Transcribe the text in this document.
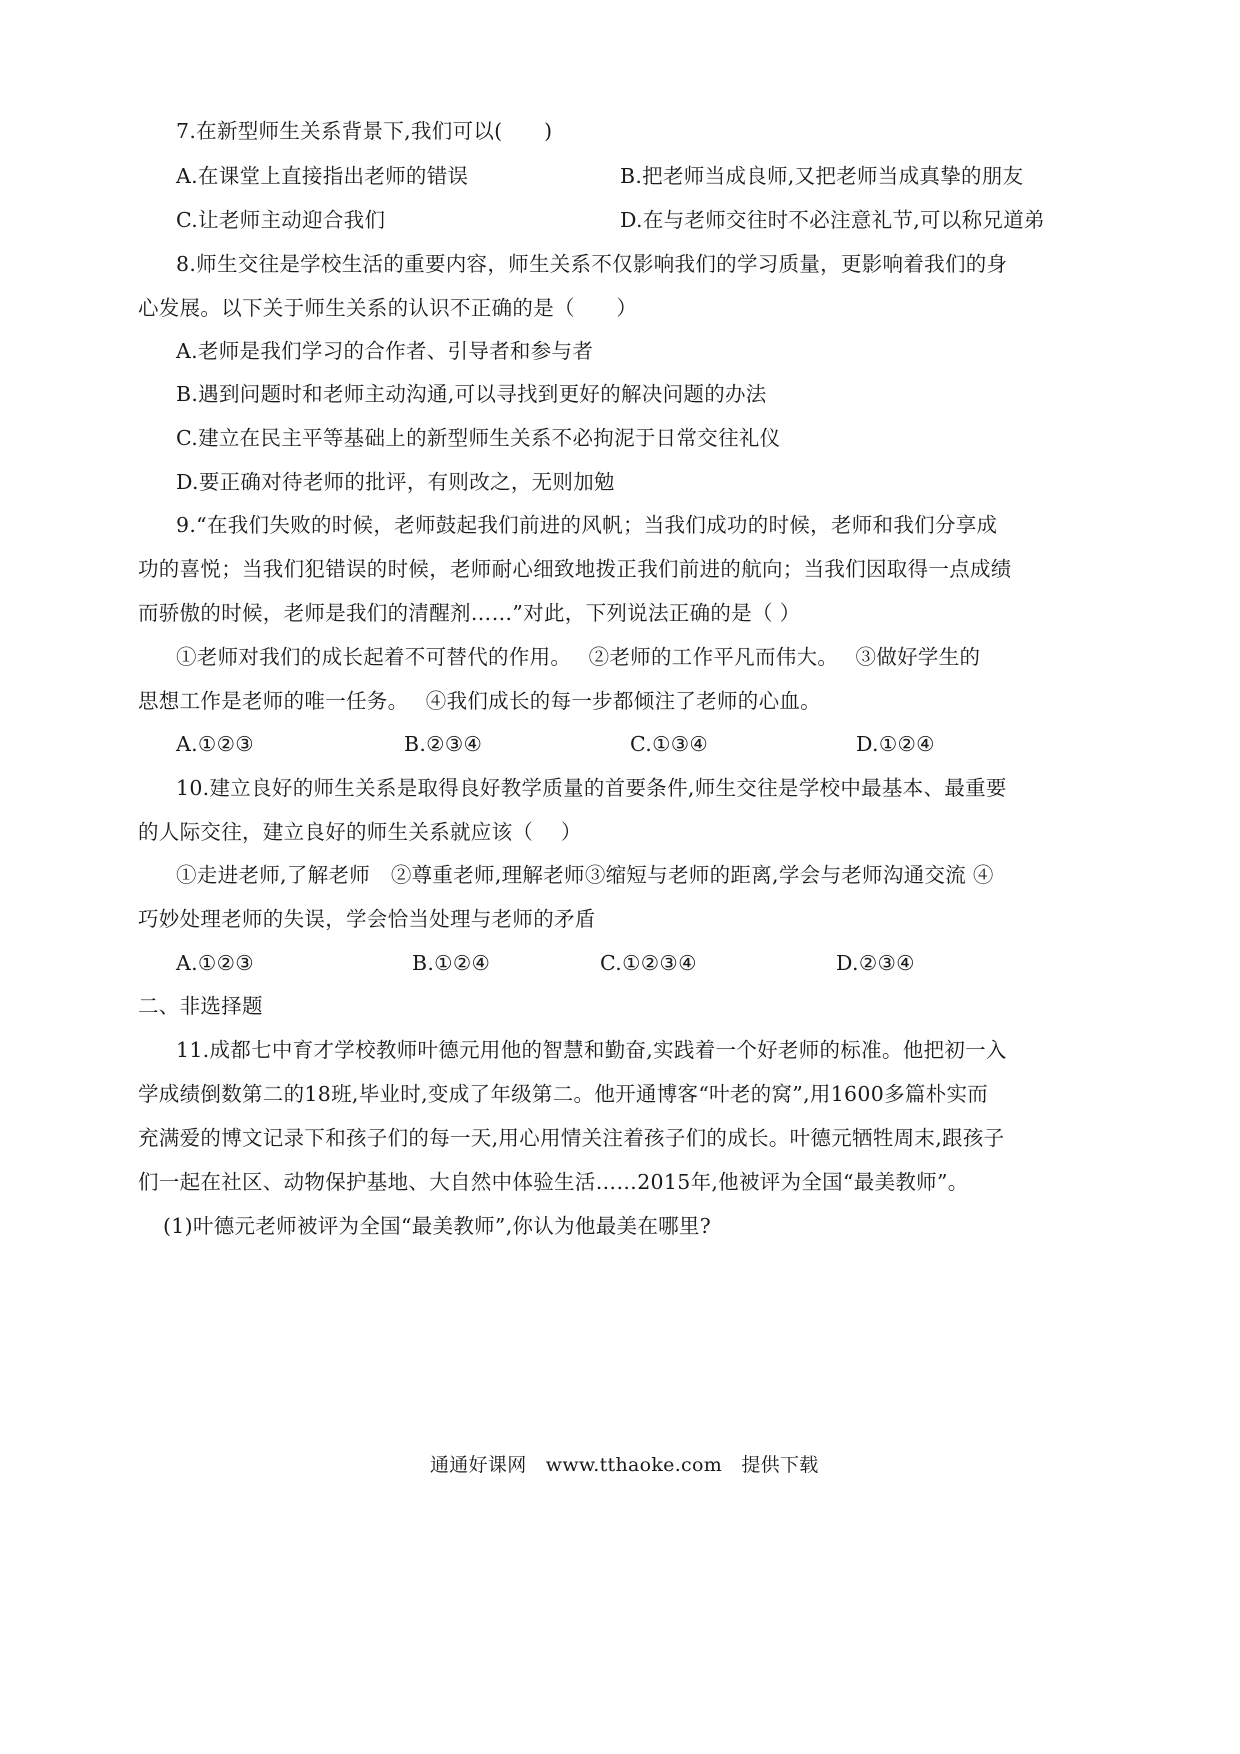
7.在新型师生关系背景下,我们可以(　　)
A.在课堂上直接指出老师的错误	B.把老师当成良师,又把老师当成真挚的朋友
C.让老师主动迎合我们	D.在与老师交往时不必注意礼节,可以称兄道弟
8.师生交往是学校生活的重要内容，师生关系不仅影响我们的学习质量，更影响着我们的身
心发展。以下关于师生关系的认识不正确的是（　　）
A.老师是我们学习的合作者、引导者和参与者
B.遇到问题时和老师主动沟通,可以寻找到更好的解决问题的办法
C.建立在民主平等基础上的新型师生关系不必拘泥于日常交往礼仪
D.要正确对待老师的批评，有则改之，无则加勉
9.“在我们失败的时候，老师鼓起我们前进的风帆；当我们成功的时候，老师和我们分享成
功的喜悦；当我们犯错误的时候，老师耐心细致地拨正我们前进的航向；当我们因取得一点成绩
而骄傲的时候，老师是我们的清醒剂……”对此，下列说法正确的是（ ）
①老师对我们的成长起着不可替代的作用。　 ②老师的工作平凡而伟大。　 ③做好学生的
思想工作是老师的唯一任务。　 ④我们成长的每一步都倾注了老师的心血。
A.①②③	B.②③④	C.①③④	D.①②④
10.建立良好的师生关系是取得良好教学质量的首要条件,师生交往是学校中最基本、最重要
的人际交往，建立良好的师生关系就应该（　 ）
①走进老师,了解老师　②尊重老师,理解老师③缩短与老师的距离,学会与老师沟通交流 ④
巧妙处理老师的失误，学会恰当处理与老师的矛盾
A.①②③	B.①②④	C.①②③④	D.②③④
二、非选择题
11.成都七中育才学校教师叶德元用他的智慧和勤奋,实践着一个好老师的标准。他把初一入
学成绩倒数第二的18班,毕业时,变成了年级第二。他开通博客“叶老的窝”,用1600多篇朴实而
充满爱的博文记录下和孩子们的每一天,用心用情关注着孩子们的成长。叶德元牺牲周末,跟孩子
们一起在社区、动物保护基地、大自然中体验生活……2015年,他被评为全国“最美教师”。
(1)叶德元老师被评为全国“最美教师”,你认为他最美在哪里?
通通好课网　www.tthaoke.com　提供下载
